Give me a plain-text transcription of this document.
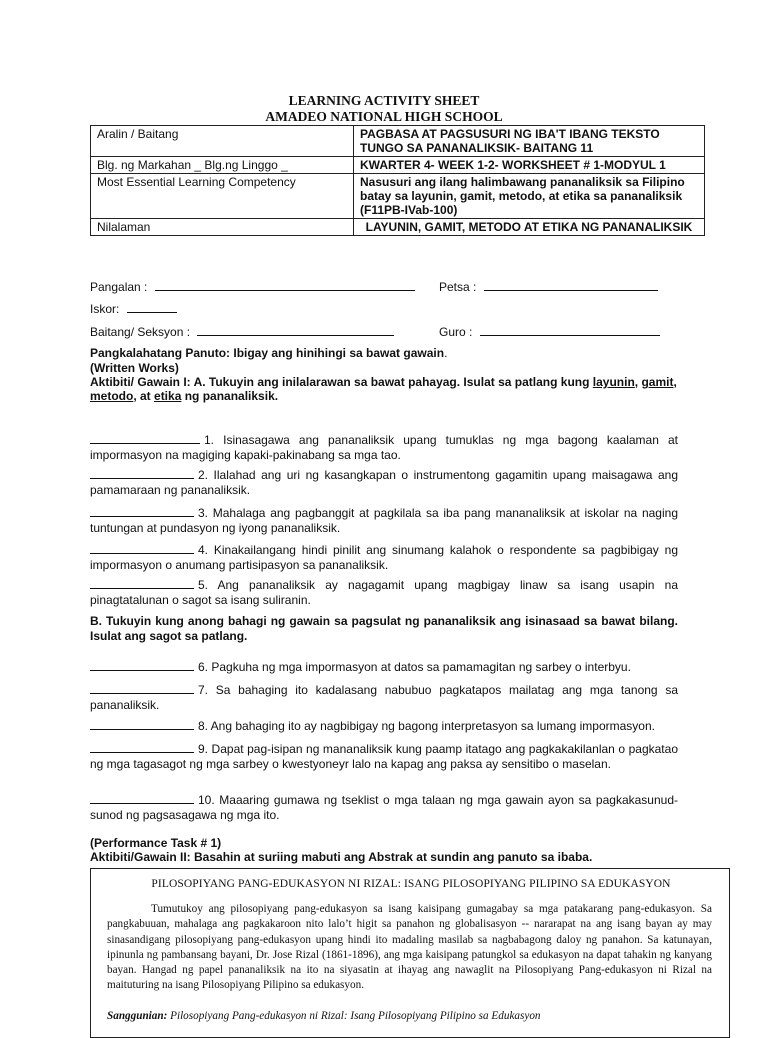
LEARNING ACTIVITY SHEET
AMADEO NATIONAL HIGH SCHOOL
Aralin / Baitang	PAGBASA AT PAGSUSURI NG IBA'T IBANG TEKSTO TUNGO SA PANANALIKSIK- BAITANG 11
Blg. ng Markahan _ Blg.ng Linggo _	KWARTER 4- WEEK 1-2- WORKSHEET # 1-MODYUL 1
Most Essential Learning Competency	Nasusuri ang ilang halimbawang pananaliksik sa Filipino batay sa layunin, gamit, metodo, at etika sa pananaliksik (F11PB-IVab-100)
Nilalaman	LAYUNIN, GAMIT, METODO AT ETIKA NG PANANALIKSIK
Pangalan :	Petsa :
Iskor:
Baitang/ Seksyon :	Guro :
Pangkalahatang Panuto: Ibigay ang hinihingi sa bawat gawain.
(Written Works)
Aktibiti/ Gawain I: A. Tukuyin ang inilalarawan sa bawat pahayag. Isulat sa patlang kung layunin, gamit, metodo, at etika ng pananaliksik.
1. Isinasagawa ang pananaliksik upang tumuklas ng mga bagong kaalaman at impormasyon na magiging kapaki-pakinabang sa mga tao.
2. Ilalahad ang uri ng kasangkapan o instrumentong gagamitin upang maisagawa ang pamamaraan ng pananaliksik.
3. Mahalaga ang pagbanggit at pagkilala sa iba pang mananaliksik at iskolar na naging tuntungan at pundasyon ng iyong pananaliksik.
4. Kinakailangang hindi pinilit ang sinumang kalahok o respondente sa pagbibigay ng impormasyon o anumang partisipasyon sa pananaliksik.
5. Ang pananaliksik ay nagagamit upang magbigay linaw sa isang usapin na pinagtatalunan o sagot sa isang suliranin.
B. Tukuyin kung anong bahagi ng gawain sa pagsulat ng pananaliksik ang isinasaad sa bawat bilang. Isulat ang sagot sa patlang.
6. Pagkuha ng mga impormasyon at datos sa pamamagitan ng sarbey o interbyu.
7. Sa bahaging ito kadalasang nabubuo pagkatapos mailatag ang mga tanong sa pananaliksik.
8. Ang bahaging ito ay nagbibigay ng bagong interpretasyon sa lumang impormasyon.
9. Dapat pag-isipan ng mananaliksik kung paamp itatago ang pagkakakilanlan o pagkatao ng mga tagasagot ng mga sarbey o kwestyoneyr lalo na kapag ang paksa ay sensitibo o maselan.
10. Maaaring gumawa ng tseklist o mga talaan ng mga gawain ayon sa pagkakasunud-sunod ng pagsasagawa ng mga ito.
(Performance Task # 1)
Aktibiti/Gawain II: Basahin at suriing mabuti ang Abstrak at sundin ang panuto sa ibaba.
PILOSOPIYANG PANG-EDUKASYON NI RIZAL: ISANG PILOSOPIYANG PILIPINO SA EDUKASYON
Tumutukoy ang pilosopiyang pang-edukasyon sa isang kaisipang gumagabay sa mga patakarang pang-edukasyon. Sa pangkabuuan, mahalaga ang pagkakaroon nito lalo’t higit sa panahon ng globalisasyon -- nararapat na ang isang bayan ay may sinasandigang pilosopiyang pang-edukasyon upang hindi ito madaling masilab sa nagbabagong daloy ng panahon. Sa katunayan, ipinunla ng pambansang bayani, Dr. Jose Rizal (1861-1896), ang mga kaisipang patungkol sa edukasyon na dapat tahakin ng kanyang bayan. Hangad ng papel pananaliksik na ito na siyasatin at ihayag ang nawaglit na Pilosopiyang Pang-edukasyon ni Rizal na maituturing na isang Pilosopiyang Pilipino sa edukasyon.
Sanggunian: Pilosopiyang Pang-edukasyon ni Rizal: Isang Pilosopiyang Pilipino sa Edukasyon
